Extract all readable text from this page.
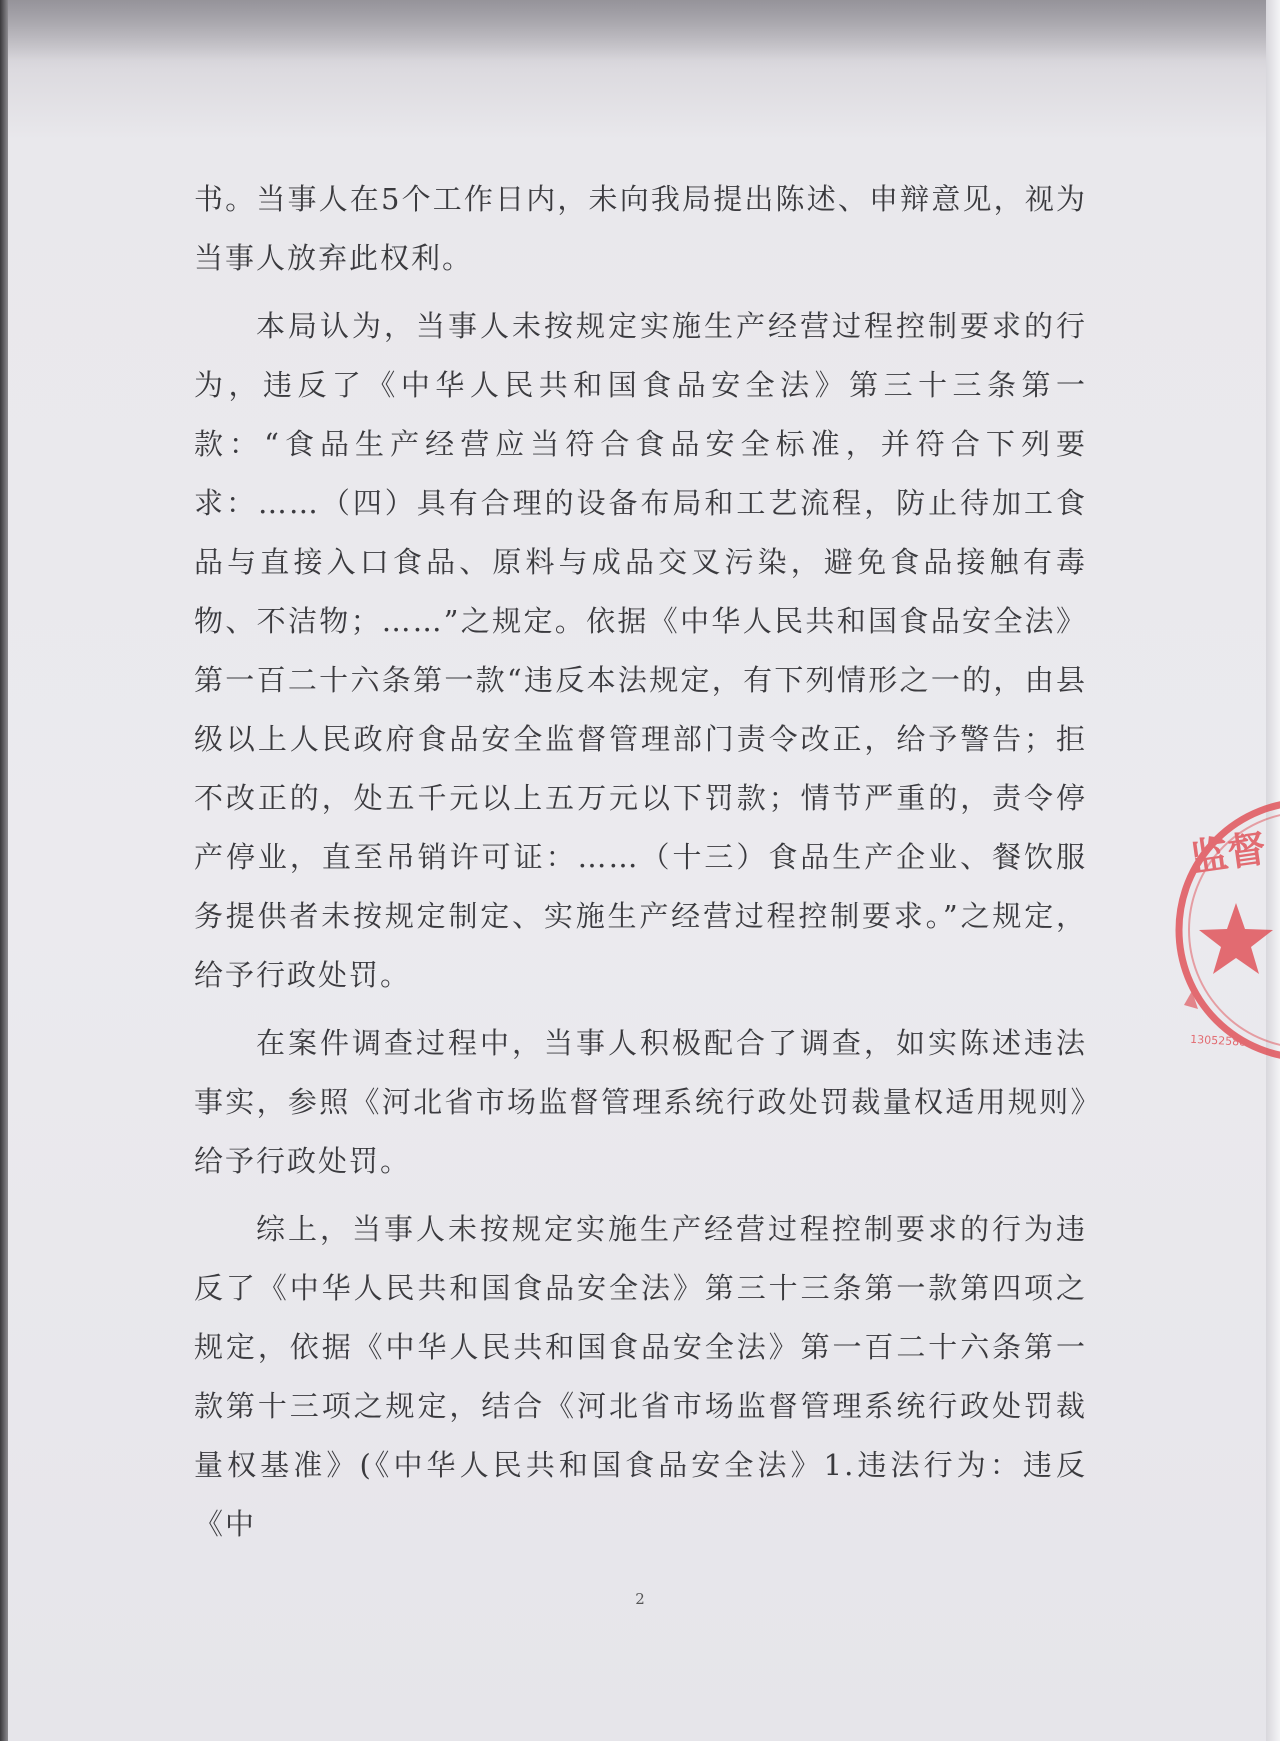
书。当事人在5个工作日内，未向我局提出陈述、申辩意见，视为当事人放弃此权利。

本局认为，当事人未按规定实施生产经营过程控制要求的行为，违反了《中华人民共和国食品安全法》第三十三条第一款：“食品生产经营应当符合食品安全标准，并符合下列要求：……（四）具有合理的设备布局和工艺流程，防止待加工食品与直接入口食品、原料与成品交叉污染，避免食品接触有毒物、不洁物；……”之规定。依据《中华人民共和国食品安全法》第一百二十六条第一款“违反本法规定，有下列情形之一的，由县级以上人民政府食品安全监督管理部门责令改正，给予警告；拒不改正的，处五千元以上五万元以下罚款；情节严重的，责令停产停业，直至吊销许可证：……（十三）食品生产企业、餐饮服务提供者未按规定制定、实施生产经营过程控制要求。”之规定，给予行政处罚。

在案件调查过程中，当事人积极配合了调查，如实陈述违法事实，参照《河北省市场监督管理系统行政处罚裁量权适用规则》给予行政处罚。

综上，当事人未按规定实施生产经营过程控制要求的行为违反了《中华人民共和国食品安全法》第三十三条第一款第四项之规定，依据《中华人民共和国食品安全法》第一百二十六条第一款第十三项之规定，结合《河北省市场监督管理系统行政处罚裁量权基准》(《中华人民共和国食品安全法》1.违法行为：违反《中

2
监督
13052588
